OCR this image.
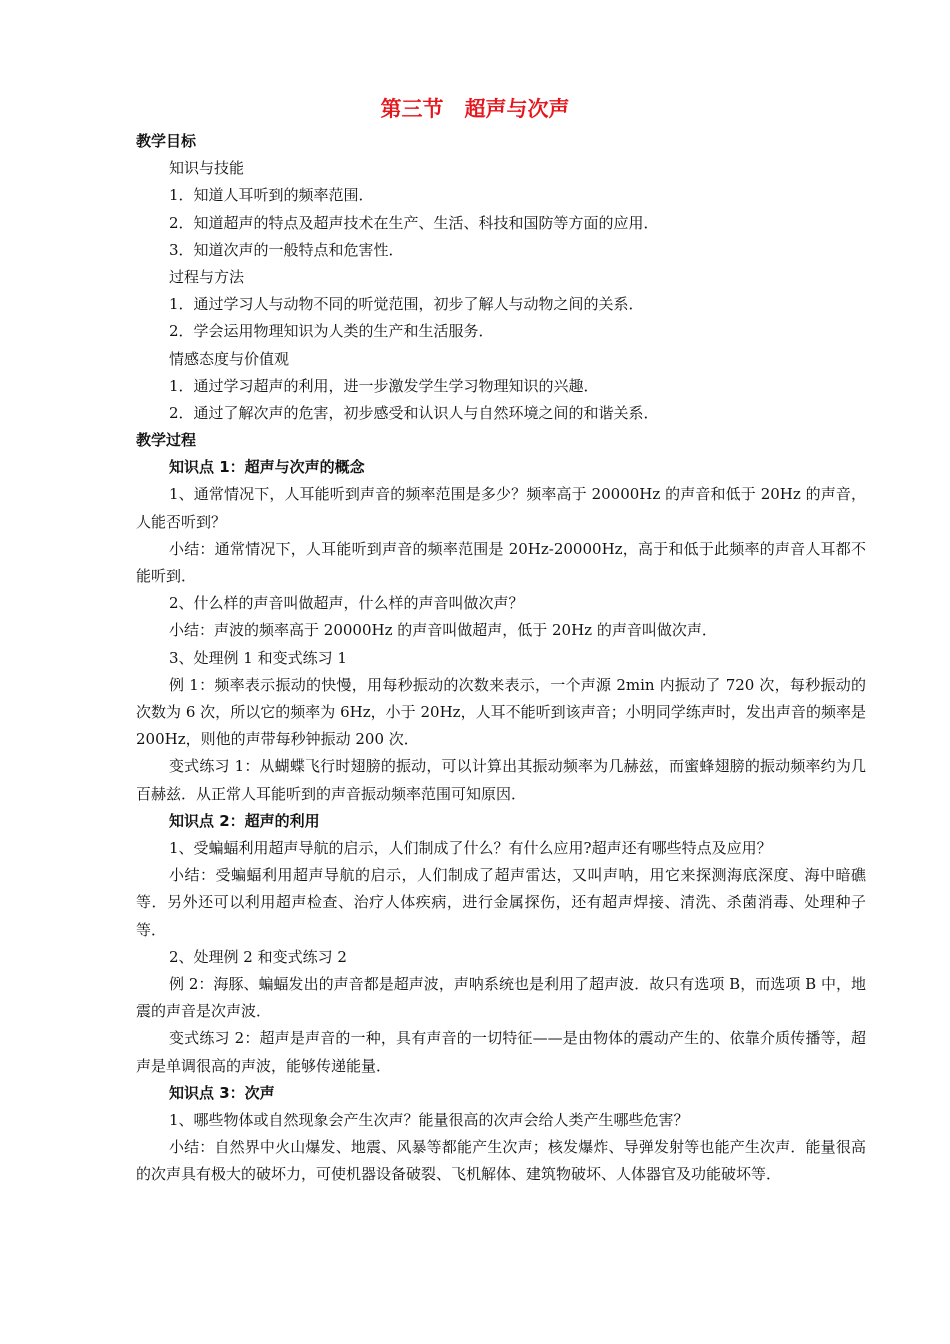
第三节　超声与次声
教学目标
知识与技能
1．知道人耳听到的频率范围．
2．知道超声的特点及超声技术在生产、生活、科技和国防等方面的应用．
3．知道次声的一般特点和危害性．
过程与方法
1．通过学习人与动物不同的听觉范围，初步了解人与动物之间的关系．
2．学会运用物理知识为人类的生产和生活服务．
情感态度与价值观
1．通过学习超声的利用，进一步激发学生学习物理知识的兴趣．
2．通过了解次声的危害，初步感受和认识人与自然环境之间的和谐关系．
教学过程
知识点 1：超声与次声的概念
1、通常情况下，人耳能听到声音的频率范围是多少？频率高于 20000Hz 的声音和低于 20Hz 的声音，人能否听到？
小结：通常情况下，人耳能听到声音的频率范围是 20Hz-20000Hz，高于和低于此频率的声音人耳都不能听到．
2、什么样的声音叫做超声，什么样的声音叫做次声？
小结：声波的频率高于 20000Hz 的声音叫做超声，低于 20Hz 的声音叫做次声．
3、处理例 1 和变式练习 1
例 1：频率表示振动的快慢，用每秒振动的次数来表示，一个声源 2min 内振动了 720 次，每秒振动的次数为 6 次，所以它的频率为 6Hz，小于 20Hz，人耳不能听到该声音；小明同学练声时，发出声音的频率是 200Hz，则他的声带每秒钟振动 200 次．
变式练习 1：从蝴蝶飞行时翅膀的振动，可以计算出其振动频率为几赫兹，而蜜蜂翅膀的振动频率约为几百赫兹．从正常人耳能听到的声音振动频率范围可知原因．
知识点 2：超声的利用
1、受蝙蝠利用超声导航的启示，人们制成了什么？有什么应用?超声还有哪些特点及应用？
小结：受蝙蝠利用超声导航的启示，人们制成了超声雷达，又叫声呐，用它来探测海底深度、海中暗礁等．另外还可以利用超声检查、治疗人体疾病，进行金属探伤，还有超声焊接、清洗、杀菌消毒、处理种子等．
2、处理例 2 和变式练习 2
例 2：海豚、蝙蝠发出的声音都是超声波，声呐系统也是利用了超声波．故只有选项 B，而选项 B 中，地震的声音是次声波．
变式练习 2：超声是声音的一种，具有声音的一切特征——是由物体的震动产生的、依靠介质传播等，超声是单调很高的声波，能够传递能量．
知识点 3：次声
1、哪些物体或自然现象会产生次声？能量很高的次声会给人类产生哪些危害？
小结：自然界中火山爆发、地震、风暴等都能产生次声；核发爆炸、导弹发射等也能产生次声．能量很高的次声具有极大的破坏力，可使机器设备破裂、飞机解体、建筑物破坏、人体器官及功能破坏等．
